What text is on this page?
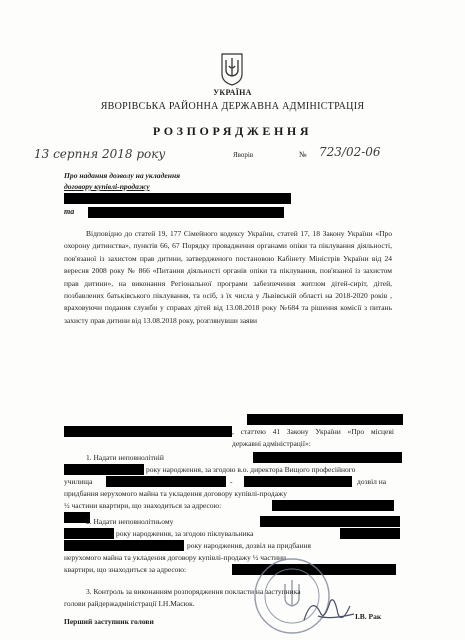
УКРАЇНА
ЯВОРІВСЬКА РАЙОННА ДЕРЖАВНА АДМІНІСТРАЦІЯ
РОЗПОРЯДЖЕННЯ
13 серпня 2018 року	Яворів	№ 723/02-06
Про надання дозволу на укладення
договору купівлі-продажу
та
Відповідно до статей 19, 177 Сімейного кодексу України, статей 17, 18 Закону України «Про охорону дитинства», пунктів 66, 67 Порядку провадження органами опіки та піклування діяльності, пов'язаної із захистом прав дитини, затвердженого постановою Кабінету Міністрів України від 24 вересня 2008 року № 866 «Питання діяльності органів опіки та піклування, пов'язаної із захистом прав дитини», на виконання Регіональної програми забезпечення житлом дітей-сиріт, дітей, позбавлених батьківського піклування, та осіб, з їх числа у Львівській області на 2018-2020 років , враховуючи подання служби у справах дітей від 13.08.2018 року №684 та рішення комісії з питань захисту прав дитини від 13.08.2018 року, розглянувши заяви
, статтею 41 Закону України «Про місцеві державні адміністрації»:
1. Надати неповнолітній
року народження, за згодою в.о. директора Вищого професійного
училища	-	дозвіл на
придбання нерухомого майна та укладення договору купівлі-продажу
½ частини квартири, що знаходиться за адресою:
2. Надати неповнолітньому
року народження, за згодою піклувальника
року народження, дозвіл на придбання
нерухомого майна та укладення договору купівлі-продажу ½ частини
квартири, що знаходиться за адресою:
3. Контроль за виконанням розпорядження покласти на заступника
голови райдержадміністрації І.Н.Масюк.
Перший заступник голови
І.В. Рак
